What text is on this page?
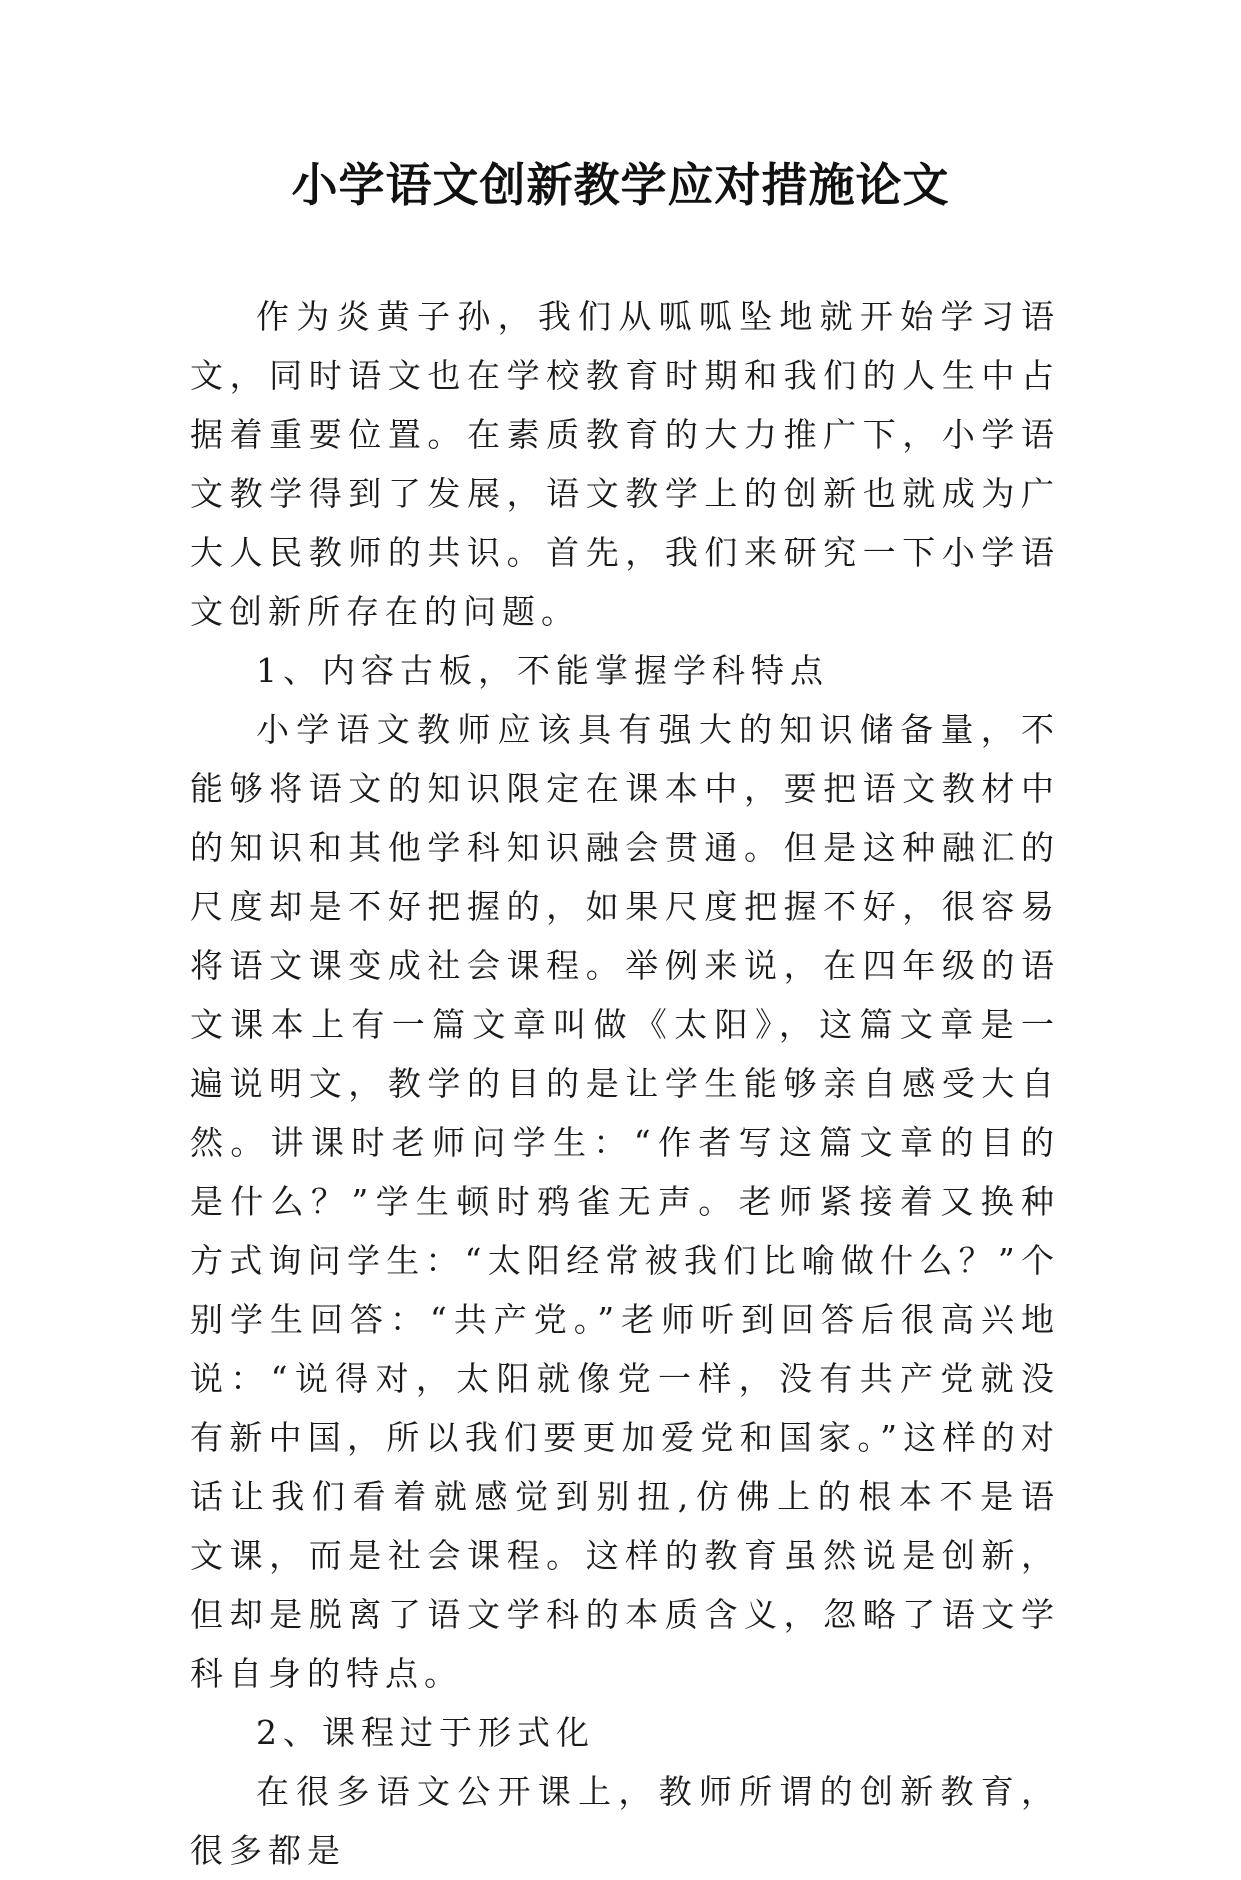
小学语文创新教学应对措施论文

作为炎黄子孙，我们从呱呱坠地就开始学习语文，同时语文也在学校教育时期和我们的人生中占据着重要位置。在素质教育的大力推广下，小学语文教学得到了发展，语文教学上的创新也就成为广大人民教师的共识。首先，我们来研究一下小学语文创新所存在的问题。

1、内容古板，不能掌握学科特点

小学语文教师应该具有强大的知识储备量，不能够将语文的知识限定在课本中，要把语文教材中的知识和其他学科知识融会贯通。但是这种融汇的尺度却是不好把握的，如果尺度把握不好，很容易将语文课变成社会课程。举例来说，在四年级的语文课本上有一篇文章叫做《太阳》，这篇文章是一遍说明文，教学的目的是让学生能够亲自感受大自然。讲课时老师问学生：“作者写这篇文章的目的是什么？”学生顿时鸦雀无声。老师紧接着又换种方式询问学生：“太阳经常被我们比喻做什么？”个别学生回答：“共产党。”老师听到回答后很高兴地说：“说得对，太阳就像党一样，没有共产党就没有新中国，所以我们要更加爱党和国家。”这样的对话让我们看着就感觉到别扭,仿佛上的根本不是语文课，而是社会课程。这样的教育虽然说是创新，但却是脱离了语文学科的本质含义，忽略了语文学科自身的特点。

2、课程过于形式化

在很多语文公开课上，教师所谓的创新教育，很多都是
